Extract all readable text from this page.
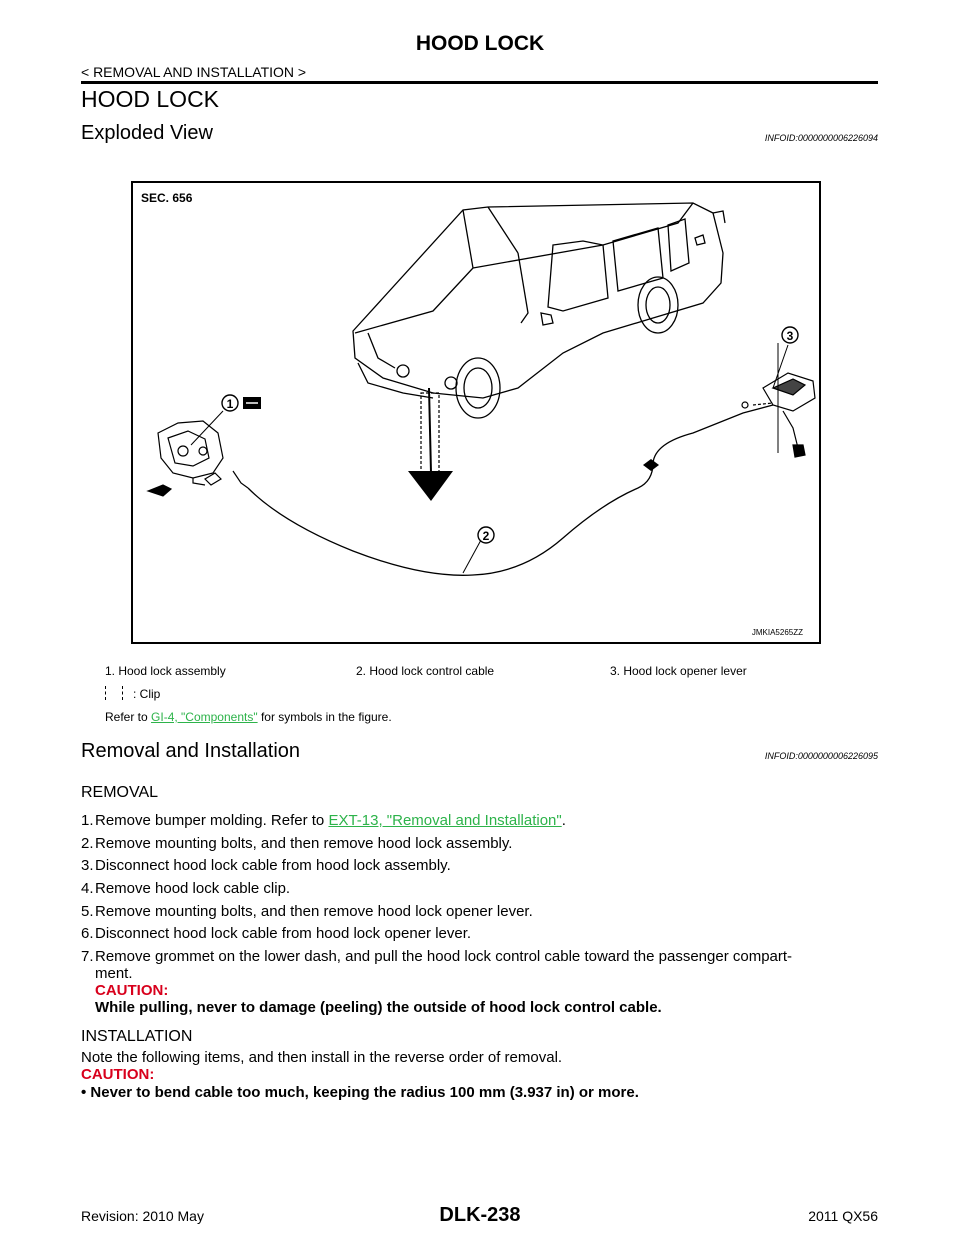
HOOD LOCK
< REMOVAL AND INSTALLATION >
HOOD LOCK
Exploded View	INFOID:0000000006226094
SEC. 656
1
2
3
JMKIA5265ZZ
1. Hood lock assembly	2. Hood lock control cable	3. Hood lock opener lever
: Clip
Refer to GI-4, "Components" for symbols in the figure.
Removal and Installation	INFOID:0000000006226095
REMOVAL
1. Remove bumper molding. Refer to EXT-13, "Removal and Installation".
2. Remove mounting bolts, and then remove hood lock assembly.
3. Disconnect hood lock cable from hood lock assembly.
4. Remove hood lock cable clip.
5. Remove mounting bolts, and then remove hood lock opener lever.
6. Disconnect hood lock cable from hood lock opener lever.
7. Remove grommet on the lower dash, and pull the hood lock control cable toward the passenger compart-
ment.
CAUTION:
While pulling, never to damage (peeling) the outside of hood lock control cable.
INSTALLATION
Note the following items, and then install in the reverse order of removal.
CAUTION:
• Never to bend cable too much, keeping the radius 100 mm (3.937 in) or more.
Revision: 2010 May	DLK-238	2011 QX56
